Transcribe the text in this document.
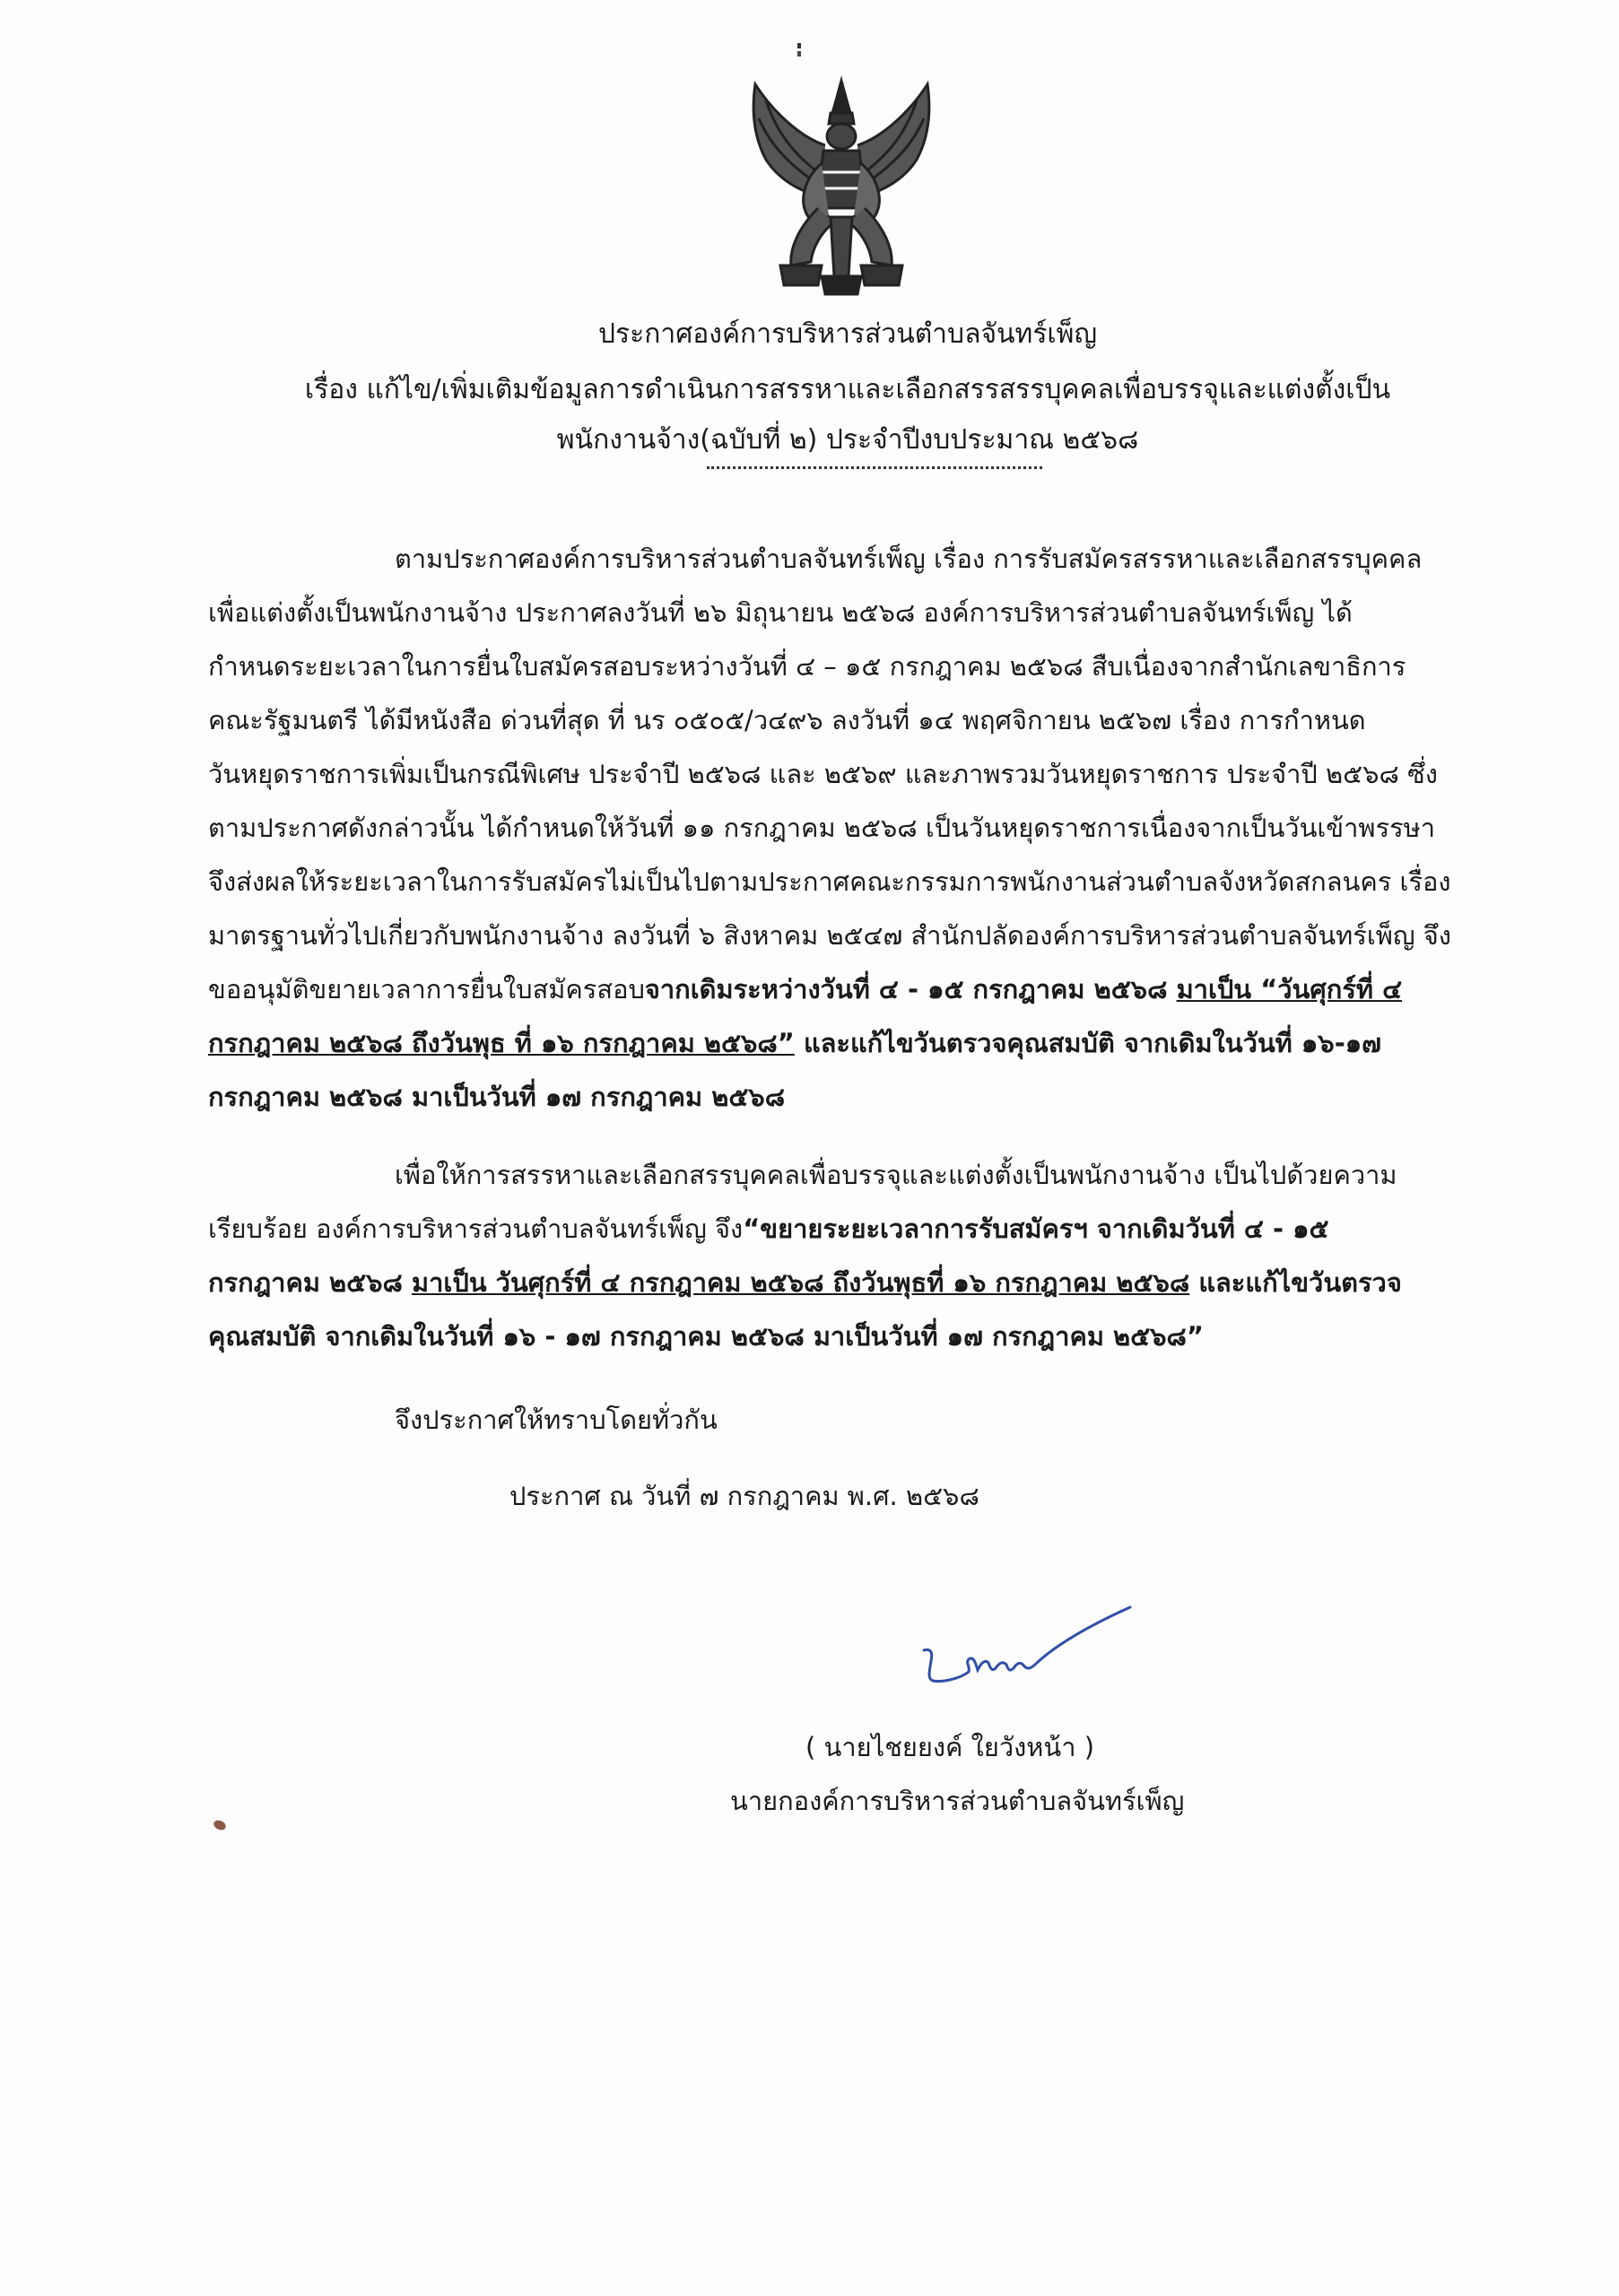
ประกาศองค์การบริหารส่วนตำบลจันทร์เพ็ญ
เรื่อง แก้ไข/เพิ่มเติมข้อมูลการดำเนินการสรรหาและเลือกสรรสรรบุคคลเพื่อบรรจุและแต่งตั้งเป็น
พนักงานจ้าง(ฉบับที่ ๒) ประจำปีงบประมาณ ๒๕๖๘
ตามประกาศองค์การบริหารส่วนตำบลจันทร์เพ็ญ เรื่อง การรับสมัครสรรหาและเลือกสรรบุคคล
เพื่อแต่งตั้งเป็นพนักงานจ้าง ประกาศลงวันที่ ๒๖ มิถุนายน ๒๕๖๘ องค์การบริหารส่วนตำบลจันทร์เพ็ญ ได้
กำหนดระยะเวลาในการยื่นใบสมัครสอบระหว่างวันที่ ๔ – ๑๕ กรกฎาคม ๒๕๖๘ สืบเนื่องจากสำนักเลขาธิการ
คณะรัฐมนตรี ได้มีหนังสือ ด่วนที่สุด ที่ นร ๐๕๐๕/ว๔๙๖ ลงวันที่ ๑๔ พฤศจิกายน ๒๕๖๗ เรื่อง การกำหนด
วันหยุดราชการเพิ่มเป็นกรณีพิเศษ ประจำปี ๒๕๖๘ และ ๒๕๖๙ และภาพรวมวันหยุดราชการ ประจำปี ๒๕๖๘ ซึ่ง
ตามประกาศดังกล่าวนั้น ได้กำหนดให้วันที่ ๑๑ กรกฎาคม ๒๕๖๘ เป็นวันหยุดราชการเนื่องจากเป็นวันเข้าพรรษา
จึงส่งผลให้ระยะเวลาในการรับสมัครไม่เป็นไปตามประกาศคณะกรรมการพนักงานส่วนตำบลจังหวัดสกลนคร เรื่อง
มาตรฐานทั่วไปเกี่ยวกับพนักงานจ้าง ลงวันที่ ๖ สิงหาคม ๒๕๔๗ สำนักปลัดองค์การบริหารส่วนตำบลจันทร์เพ็ญ จึง
ขออนุมัติขยายเวลาการยื่นใบสมัครสอบจากเดิมระหว่างวันที่ ๔ - ๑๕ กรกฎาคม ๒๕๖๘ มาเป็น “วันศุกร์ที่ ๔
กรกฎาคม ๒๕๖๘ ถึงวันพุธ ที่ ๑๖ กรกฎาคม ๒๕๖๘” และแก้ไขวันตรวจคุณสมบัติ จากเดิมในวันที่ ๑๖-๑๗
กรกฎาคม ๒๕๖๘ มาเป็นวันที่ ๑๗ กรกฎาคม ๒๕๖๘
เพื่อให้การสรรหาและเลือกสรรบุคคลเพื่อบรรจุและแต่งตั้งเป็นพนักงานจ้าง เป็นไปด้วยความ
เรียบร้อย องค์การบริหารส่วนตำบลจันทร์เพ็ญ จึง“ขยายระยะเวลาการรับสมัครฯ จากเดิมวันที่ ๔ - ๑๕
กรกฎาคม ๒๕๖๘ มาเป็น วันศุกร์ที่ ๔ กรกฎาคม ๒๕๖๘ ถึงวันพุธที่ ๑๖ กรกฎาคม ๒๕๖๘ และแก้ไขวันตรวจ
คุณสมบัติ จากเดิมในวันที่ ๑๖ - ๑๗ กรกฎาคม ๒๕๖๘ มาเป็นวันที่ ๑๗ กรกฎาคม ๒๕๖๘”
จึงประกาศให้ทราบโดยทั่วกัน
ประกาศ ณ วันที่ ๗ กรกฎาคม พ.ศ. ๒๕๖๘
( นายไชยยงค์ ใยวังหน้า )
นายกองค์การบริหารส่วนตำบลจันทร์เพ็ญ
